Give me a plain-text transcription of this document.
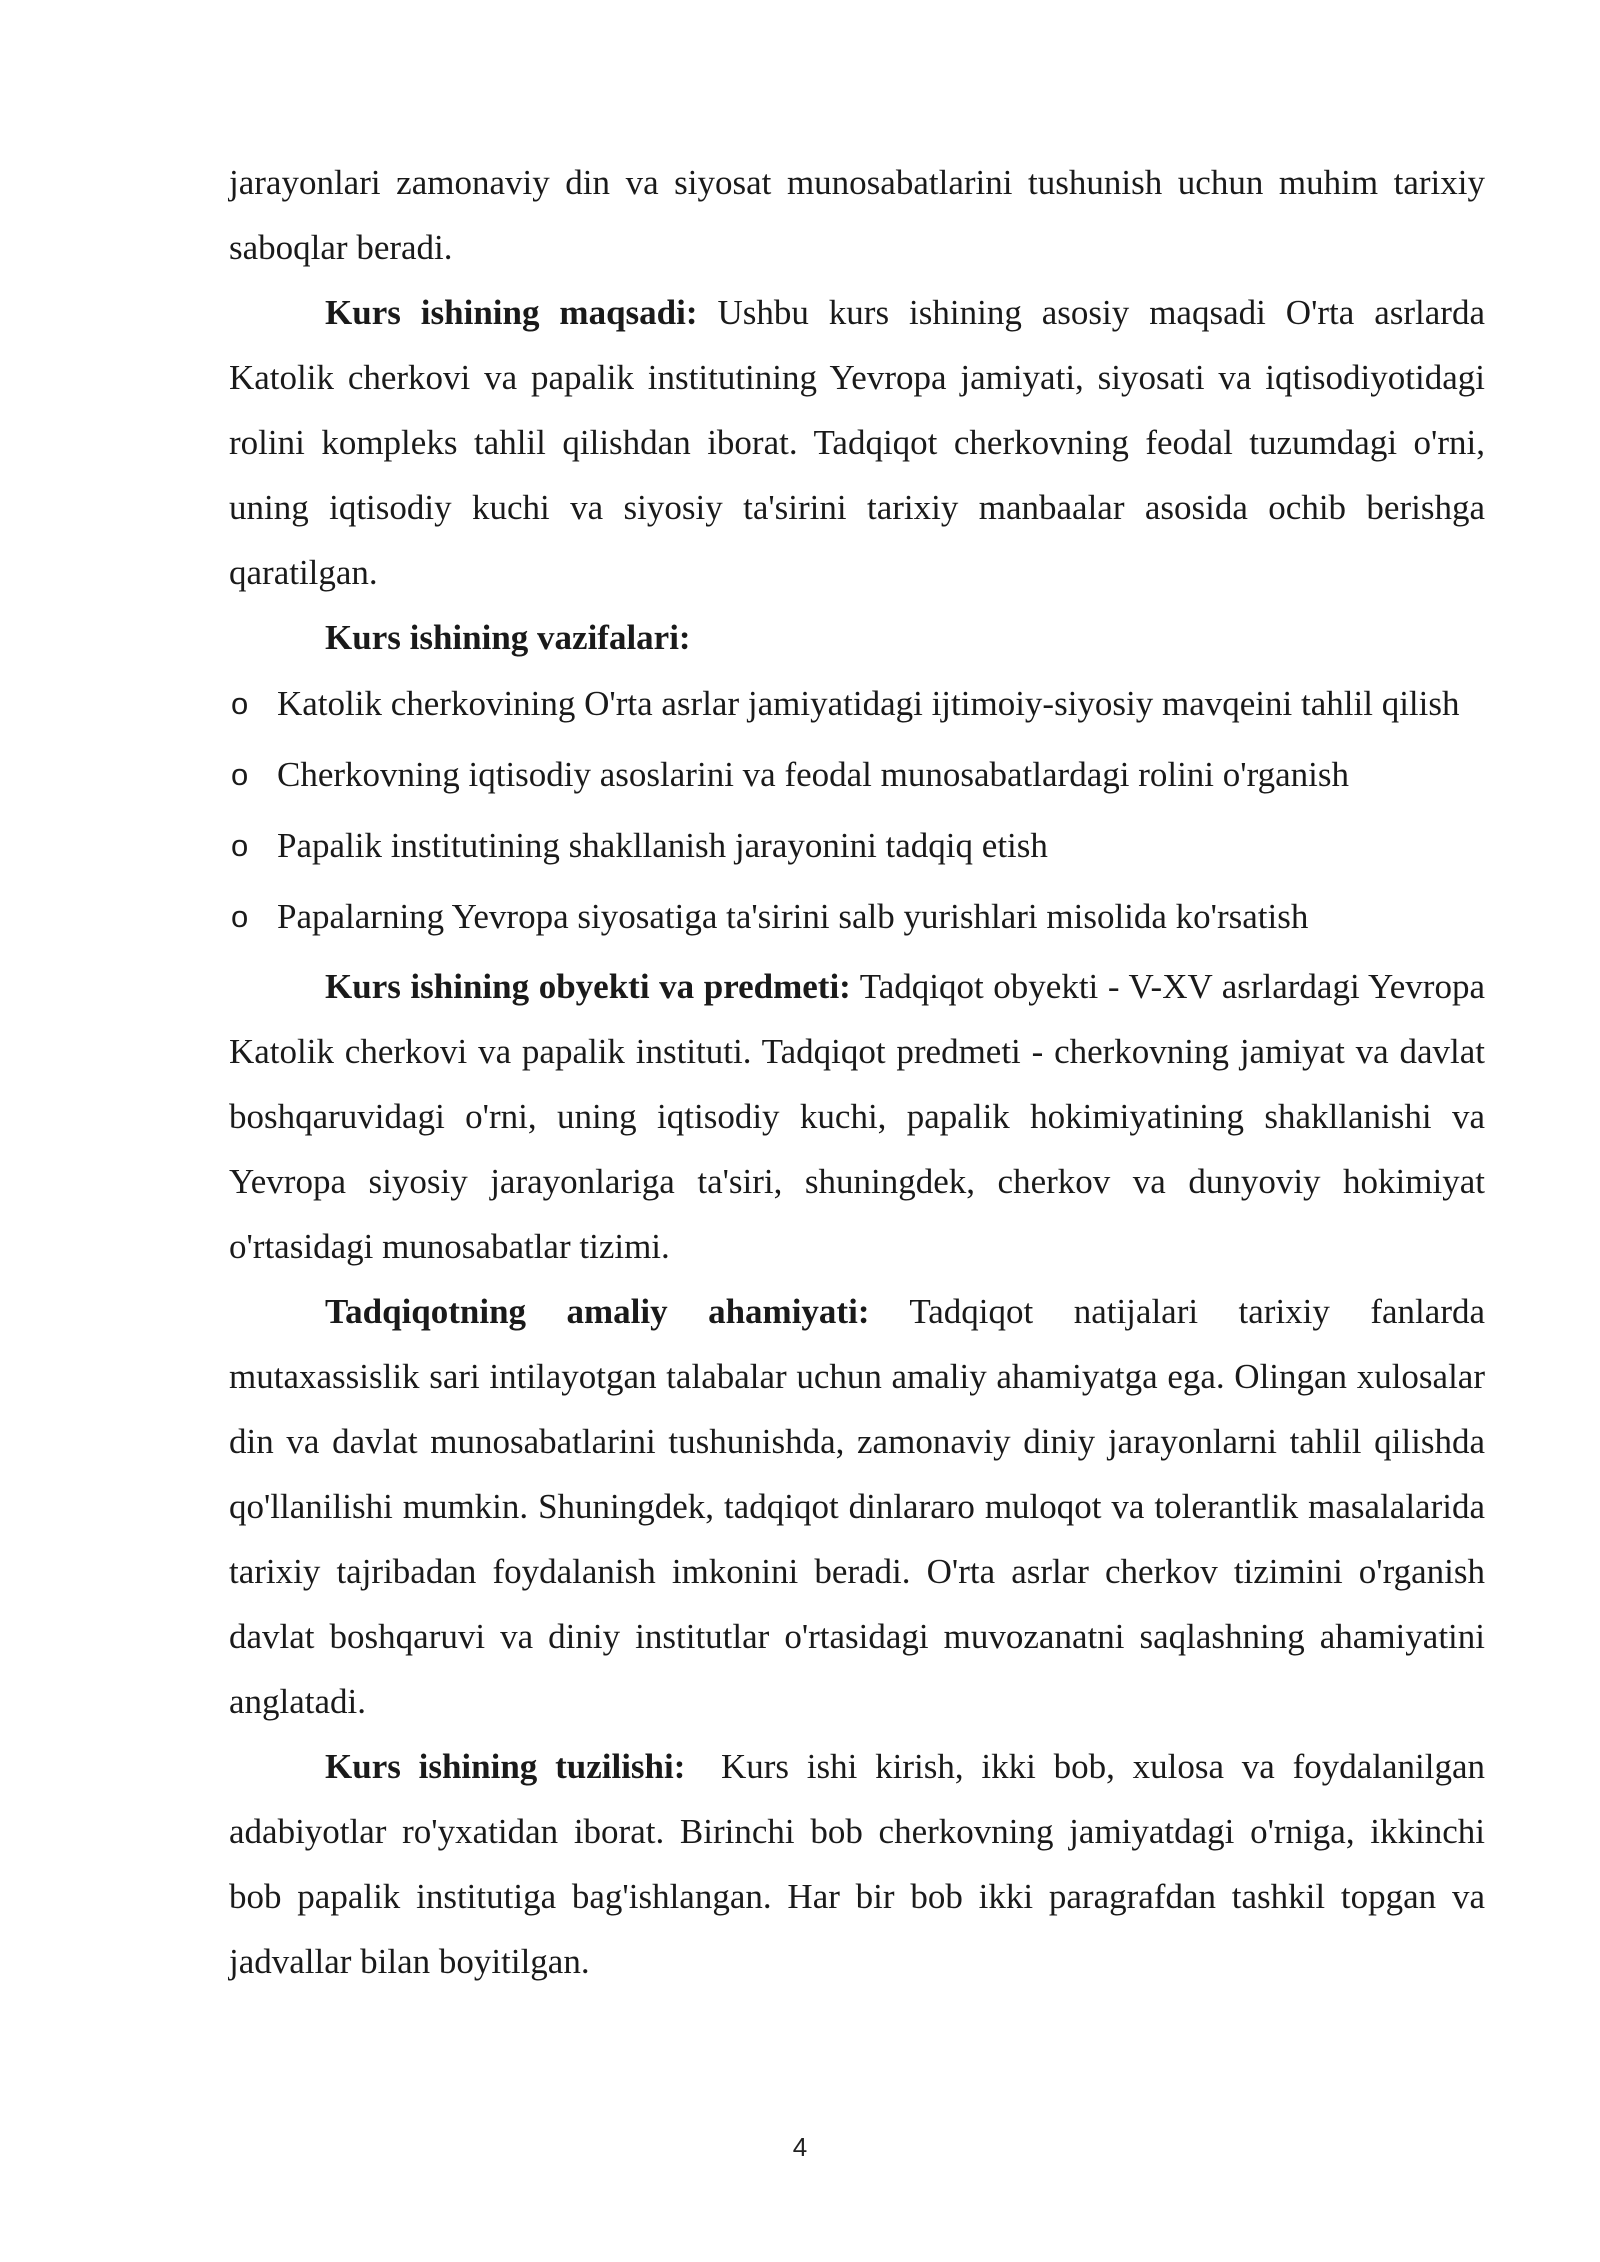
jarayonlari zamonaviy din va siyosat munosabatlarini tushunish uchun muhim tarixiy saboqlar beradi.

Kurs ishining maqsadi: Ushbu kurs ishining asosiy maqsadi O'rta asrlarda Katolik cherkovi va papalik institutining Yevropa jamiyati, siyosati va iqtisodiyotidagi rolini kompleks tahlil qilishdan iborat. Tadqiqot cherkovning feodal tuzumdagi o'rni, uning iqtisodiy kuchi va siyosiy ta'sirini tarixiy manbaalar asosida ochib berishga qaratilgan.

Kurs ishining vazifalari:

o Katolik cherkovining O'rta asrlar jamiyatidagi ijtimoiy-siyosiy mavqeini tahlil qilish
o Cherkovning iqtisodiy asoslarini va feodal munosabatlardagi rolini o'rganish
o Papalik institutining shakllanish jarayonini tadqiq etish
o Papalarning Yevropa siyosatiga ta'sirini salb yurishlari misolida ko'rsatish

Kurs ishining obyekti va predmeti: Tadqiqot obyekti - V-XV asrlardagi Yevropa Katolik cherkovi va papalik instituti. Tadqiqot predmeti - cherkovning jamiyat va davlat boshqaruvidagi o'rni, uning iqtisodiy kuchi, papalik hokimiyatining shakllanishi va Yevropa siyosiy jarayonlariga ta'siri, shuningdek, cherkov va dunyoviy hokimiyat o'rtasidagi munosabatlar tizimi.

Tadqiqotning amaliy ahamiyati: Tadqiqot natijalari tarixiy fanlarda mutaxassislik sari intilayotgan talabalar uchun amaliy ahamiyatga ega. Olingan xulosalar din va davlat munosabatlarini tushunishda, zamonaviy diniy jarayonlarni tahlil qilishda qo'llanilishi mumkin. Shuningdek, tadqiqot dinlararo muloqot va tolerantlik masalalarida tarixiy tajribadan foydalanish imkonini beradi. O'rta asrlar cherkov tizimini o'rganish davlat boshqaruvi va diniy institutlar o'rtasidagi muvozanatni saqlashning ahamiyatini anglatadi.

Kurs ishining tuzilishi:  Kurs ishi kirish, ikki bob, xulosa va foydalanilgan adabiyotlar ro'yxatidan iborat. Birinchi bob cherkovning jamiyatdagi o'rniga, ikkinchi bob papalik institutiga bag'ishlangan. Har bir bob ikki paragrafdan tashkil topgan va jadvallar bilan boyitilgan.

4
